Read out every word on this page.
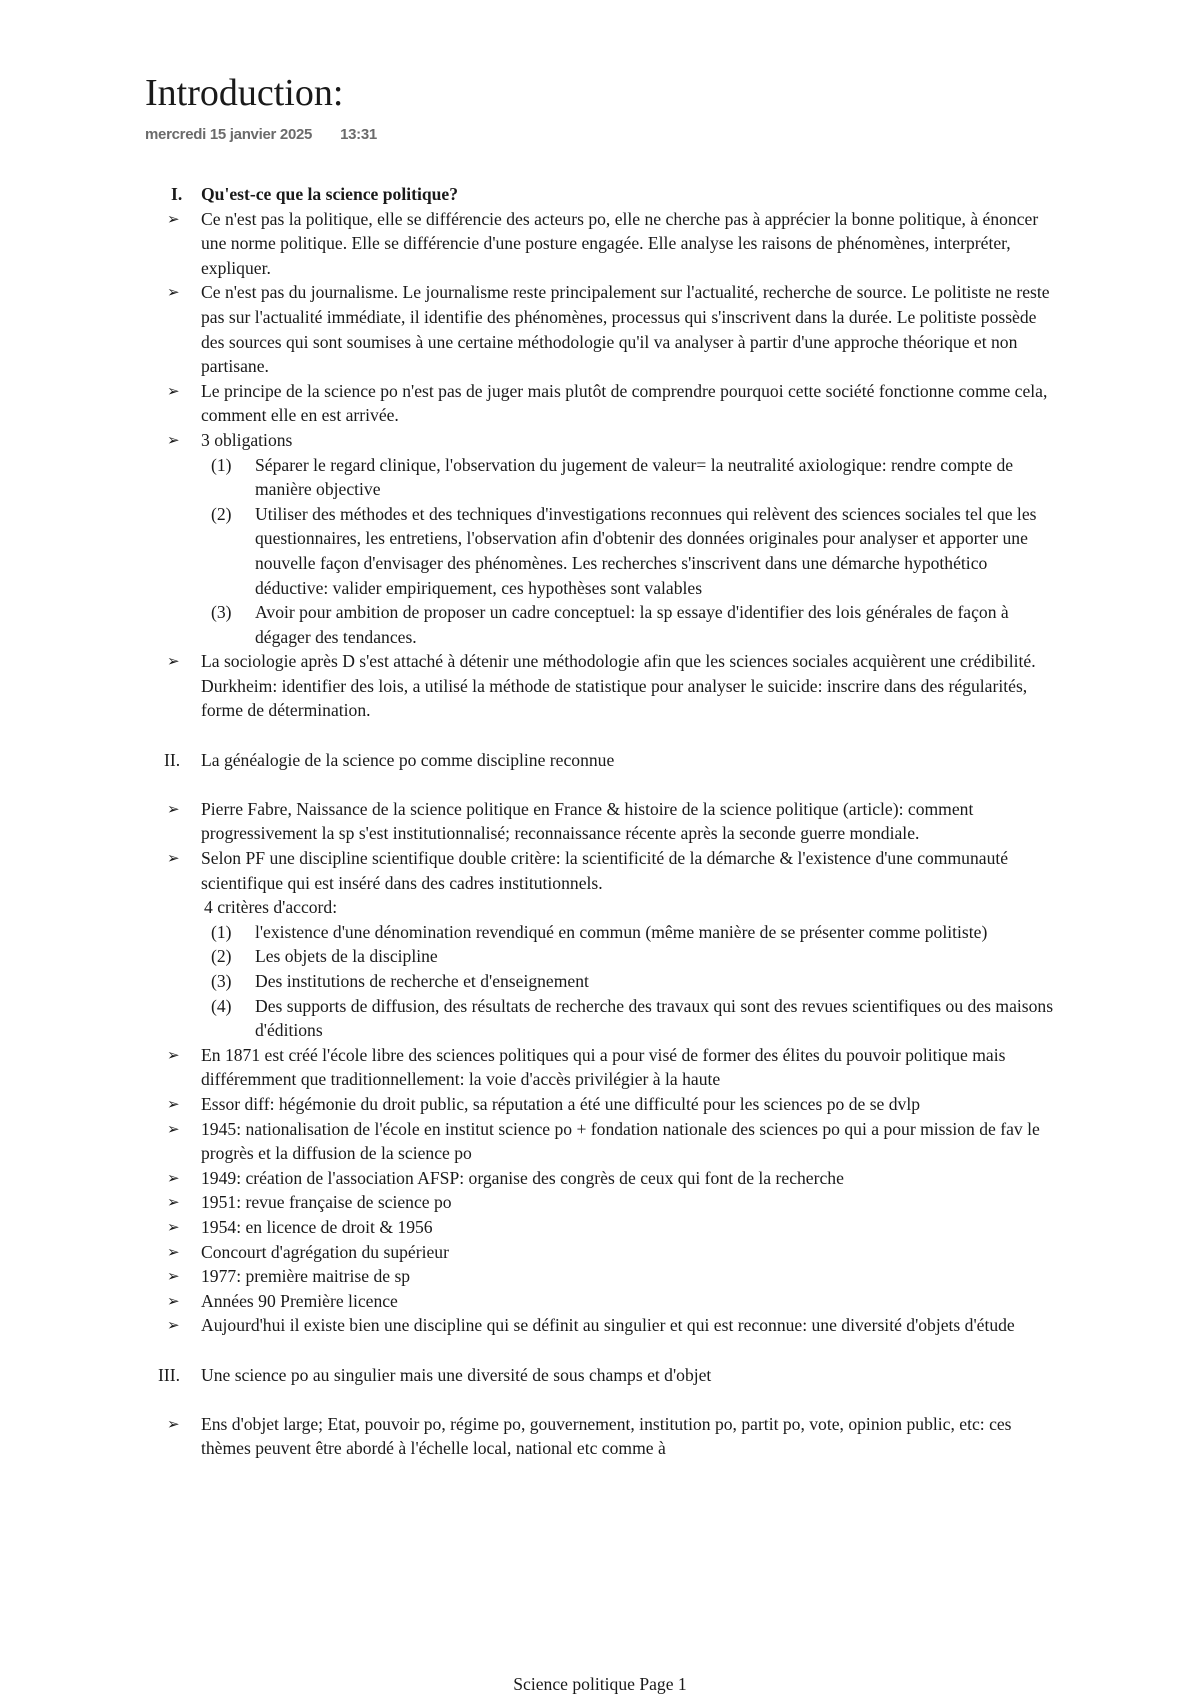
Introduction:
mercredi 15 janvier 2025 13:31
I. Qu'est-ce que la science politique?
➢ Ce n'est pas la politique, elle se différencie des acteurs po, elle ne cherche pas à apprécier la bonne politique, à énoncer une norme politique. Elle se différencie d'une posture engagée. Elle analyse les raisons de phénomènes, interpréter, expliquer.
➢ Ce n'est pas du journalisme. Le journalisme reste principalement sur l'actualité, recherche de source. Le politiste ne reste pas sur l'actualité immédiate, il identifie des phénomènes, processus qui s'inscrivent dans la durée. Le politiste possède des sources qui sont soumises à une certaine méthodologie qu'il va analyser à partir d'une approche théorique et non partisane.
➢ Le principe de la science po n'est pas de juger mais plutôt de comprendre pourquoi cette société fonctionne comme cela, comment elle en est arrivée.
➢ 3 obligations
(1) Séparer le regard clinique, l'observation du jugement de valeur= la neutralité axiologique: rendre compte de manière objective
(2) Utiliser des méthodes et des techniques d'investigations reconnues qui relèvent des sciences sociales tel que les questionnaires, les entretiens, l'observation afin d'obtenir des données originales pour analyser et apporter une nouvelle façon d'envisager des phénomènes. Les recherches s'inscrivent dans une démarche hypothético déductive: valider empiriquement, ces hypothèses sont valables
(3) Avoir pour ambition de proposer un cadre conceptuel: la sp essaye d'identifier des lois générales de façon à dégager des tendances.
➢ La sociologie après D s'est attaché à détenir une méthodologie afin que les sciences sociales acquièrent une crédibilité. Durkheim: identifier des lois, a utilisé la méthode de statistique pour analyser le suicide: inscrire dans des régularités, forme de détermination.
II. La généalogie de la science po comme discipline reconnue
➢ Pierre Fabre, Naissance de la science politique en France & histoire de la science politique (article): comment progressivement la sp s'est institutionnalisé; reconnaissance récente après la seconde guerre mondiale.
➢ Selon PF une discipline scientifique double critère: la scientificité de la démarche & l'existence d'une communauté scientifique qui est inséré dans des cadres institutionnels.
4 critères d'accord:
(1) l'existence d'une dénomination revendiqué en commun (même manière de se présenter comme politiste)
(2) Les objets de la discipline
(3) Des institutions de recherche et d'enseignement
(4) Des supports de diffusion, des résultats de recherche des travaux qui sont des revues scientifiques ou des maisons d'éditions
➢ En 1871 est créé l'école libre des sciences politiques qui a pour visé de former des élites du pouvoir politique mais différemment que traditionnellement: la voie d'accès privilégier à la haute
➢ Essor diff: hégémonie du droit public, sa réputation a été une difficulté pour les sciences po de se dvlp
➢ 1945: nationalisation de l'école en institut science po + fondation nationale des sciences po qui a pour mission de fav le progrès et la diffusion de la science po
➢ 1949: création de l'association AFSP: organise des congrès de ceux qui font de la recherche
➢ 1951: revue française de science po
➢ 1954: en licence de droit & 1956
➢ Concourt d'agrégation du supérieur
➢ 1977: première maitrise de sp
➢ Années 90 Première licence
➢ Aujourd'hui il existe bien une discipline qui se définit au singulier et qui est reconnue: une diversité d'objets d'étude
III. Une science po au singulier mais une diversité de sous champs et d'objet
➢ Ens d'objet large; Etat, pouvoir po, régime po, gouvernement, institution po, partit po, vote, opinion public, etc: ces thèmes peuvent être abordé à l'échelle local, national etc comme à
Science politique Page 1
